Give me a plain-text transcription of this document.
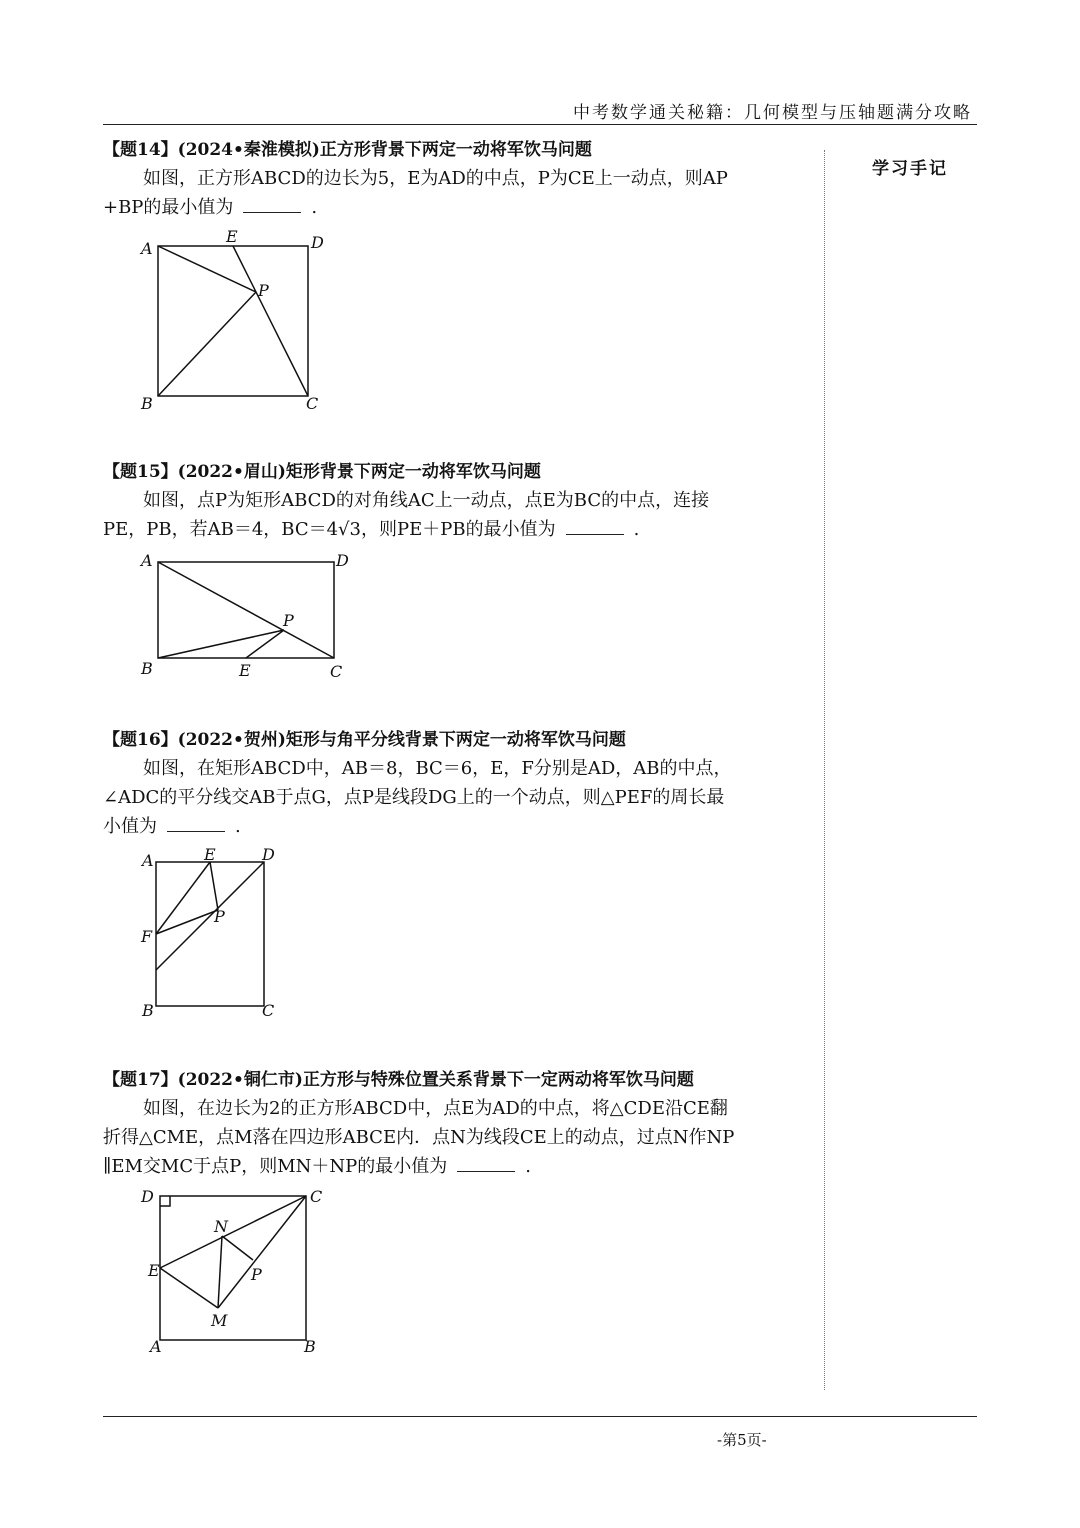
中考数学通关秘籍：几何模型与压轴题满分攻略
学习手记
-第5页-
【题14】(2024•秦淮模拟)正方形背景下两定一动将军饮马问题
如图，正方形ABCD的边长为5，E为AD的中点，P为CE上一动点，则AP
+BP的最小值为	.
A
E	D
P
B	C
【题15】(2022•眉山)矩形背景下两定一动将军饮马问题
如图，点P为矩形ABCD的对角线AC上一动点，点E为BC的中点，连接
PE，PB，若AB＝4，BC＝4√3，则PE＋PB的最小值为	.
A	D
P
B	E	C
【题16】(2022•贺州)矩形与角平分线背景下两定一动将军饮马问题
如图，在矩形ABCD中，AB＝8，BC＝6，E，F分别是AD，AB的中点，
∠ADC的平分线交AB于点G，点P是线段DG上的一个动点，则△PEF的周长最
小值为	.
A	E	D
P
F
B	C
【题17】(2022•铜仁市)正方形与特殊位置关系背景下一定两动将军饮马问题
如图，在边长为2的正方形ABCD中，点E为AD的中点，将△CDE沿CE翻
折得△CME，点M落在四边形ABCE内．点N为线段CE上的动点，过点N作NP
∥EM交MC于点P，则MN＋NP的最小值为	.
D	C
N
E	P
M
A	B
